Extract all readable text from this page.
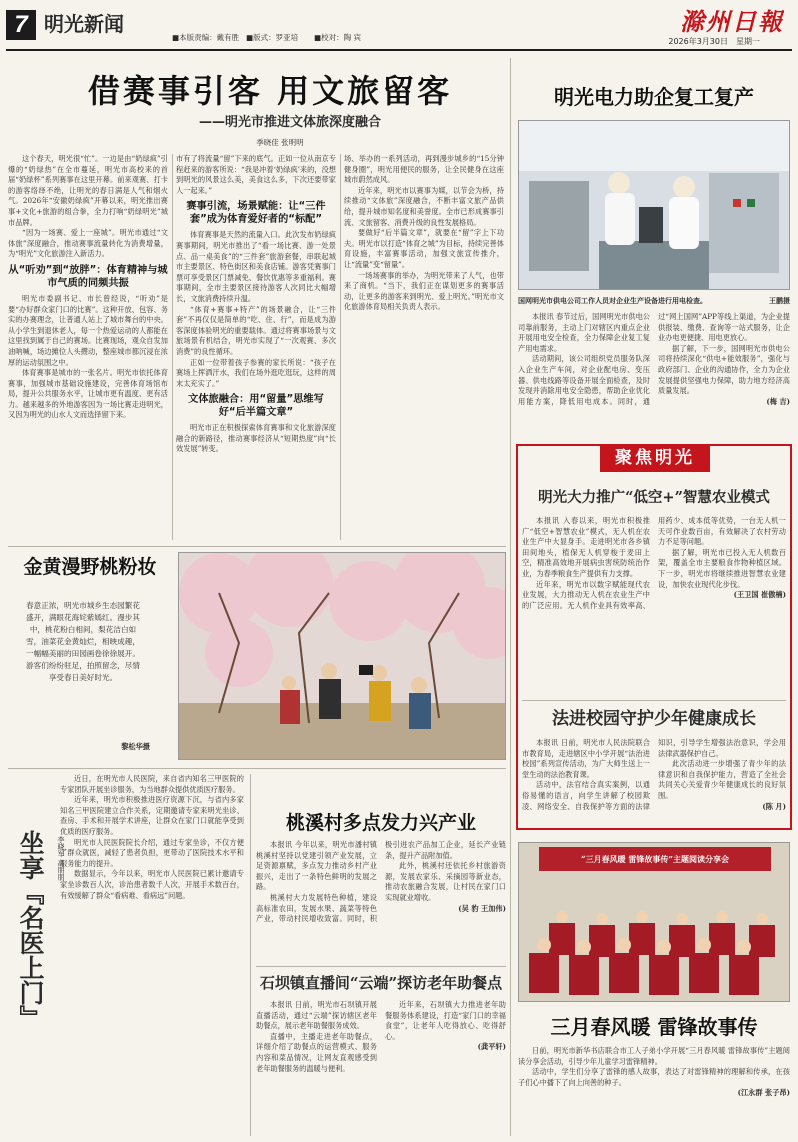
7 明光新闻
■本版责编：戴有胜 ■版式：罗亚培	■校对：陶 宾
滁州日報
2026年3月30日 星期一
借赛事引客 用文旅留客
——明光市推进文体旅深度融合
季晓佳 张明明

这个春天，明光很“忙”。一边是由“奶绿疯”引爆的“奶绿热”在全市蔓延，明光市高校来的首届“奶绿杯”系列赛事在这里开幕。前来观赛、打卡的游客络绎不绝，让明光的春日满是人气和烟火气。2026年“安徽奶绿疯”开幕以来，明光推出赛事+文化+旅游的组合拳，全力打响“奶绿明光”城市品牌。

“因为一场赛、爱上一座城”。明光市通过“文体旅”深度融合，推动赛事流量转化为消费增量，为“明光”文化旅游注入新活力。

从“听劝”到“放胖”：体育精神与城市气质的同频共振

明光市委副书记、市长曾经说，“听劝”是要“办好群众家门口的比赛”。这种开放、包容、务实的办赛理念，让普通人站上了城市舞台的中央。从小学生到退休老人，每一个热爱运动的人都能在这里找到属于自己的赛场。比赛现场，观众自发加油呐喊，场边摊位人头攒动，整座城市都沉浸在浓厚的运动氛围之中。

体育赛事是城市的一张名片。明光市依托体育赛事，加强城市基础设施建设，完善体育场馆布局，提升公共服务水平，让城市更有温度、更有活力。越来越多的外地游客因为一场比赛走进明光，又因为明光的山水人文而选择留下来。

市有了将流量“留”下来的底气。正如一位从南京专程赶来的游客所说：“我是冲着‘奶绿疯’来的，没想到明光的风景这么美，美食这么多，下次还要带家人一起来。”

赛事引流，场景赋能：让“三件套”成为体育爱好者的“标配”

体育赛事是天然的流量入口。此次发布奶绿疯赛事期间，明光市推出了“看一场比赛、游一处景点、品一桌美食”的“三件套”旅游套餐，串联起城市主要景区、特色街区和美食店铺。游客凭赛事门票可享受景区门票减免、餐饮优惠等多重福利。赛事期间，全市主要景区接待游客人次同比大幅增长，文旅消费持续升温。

“体育+赛事+特产”的场景融合，让“三件套”不再仅仅是简单的“吃、住、行”，而是成为游客深度体验明光的重要载体。通过将赛事场景与文旅场景有机结合，明光市实现了“一次观赛、多次消费”的良性循环。

正如一位带着孩子参赛的家长所说：“孩子在赛场上挥洒汗水，我们在场外逛吃逛玩，这样的周末太充实了。”

文体旅融合：用“留量”思维写好“后半篇文章”

明光市正在积极探索体育赛事和文化旅游深度融合的新路径，推动赛事经济从“短期热度”向“长效发展”转变。

场、举办的一系列活动，再到漫步城乡的“15分钟健身圈”，明光用便民的服务，让全民健身在这座城市蔚然成风。

近年来，明光市以赛事为媒，以节会为桥，持续推动“文体旅”深度融合，不断丰富文旅产品供给，提升城市知名度和美誉度。全市已形成赛事引流、文旅留客、消费升级的良性发展格局。

要做好“后半篇文章”，就要在“留”字上下功夫。明光市以打造“体育之城”为目标，持续完善体育设施，丰富赛事活动，加强文旅宣传推介，让“流量”变“留量”。

一场场赛事的举办，为明光带来了人气，也带来了商机。“当下，我们正在谋划更多的赛事活动，让更多的游客来到明光、爱上明光。”明光市文化旅游体育局相关负责人表示。

明光电力助企复工复产
国网明光市供电公司工作人员对企业生产设备进行用电检查。	王鹏摄

本报讯 春节过后，国网明光市供电公司靠前服务，主动上门对辖区内重点企业开展用电安全检查，全力保障企业复工复产用电需求。

活动期间，该公司组织党员服务队深入企业生产车间，对企业配电房、变压器、供电线路等设备开展全面检查，及时发现并消除用电安全隐患，帮助企业优化用能方案，降低用电成本。同时，通过“网上国网”APP等线上渠道，为企业提供报装、缴费、查询等一站式服务，让企业办电更便捷、用电更放心。

据了解，下一步，国网明光市供电公司将持续深化“供电+能效服务”，强化与政府部门、企业的沟通协作，全力为企业发展提供坚强电力保障，助力地方经济高质量发展。

(梅 吉)

聚焦明光
明光大力推广“低空+”智慧农业模式

本报讯 入春以来，明光市积极推广“低空+智慧农业”模式，无人机在农业生产中大显身手。走进明光市各乡镇田间地头，植保无人机穿梭于麦田上空，精准高效地开展病虫害统防统治作业，为春季粮食生产提供有力支撑。

近年来，明光市以数字赋能现代农业发展，大力推动无人机在农业生产中的广泛应用。无人机作业具有效率高、用药少、成本低等优势，一台无人机一天可作业数百亩，有效解决了农村劳动力不足等问题。

据了解，明光市已投入无人机数百架，覆盖全市主要粮食作物种植区域。下一步，明光市将继续推进智慧农业建设，加快农业现代化步伐。

(王卫国 崔傲楠)

法进校园守护少年健康成长

本报讯 日前，明光市人民法院联合市教育局，走进辖区中小学开展“法治进校园”系列宣传活动，为广大师生送上一堂生动的法治教育课。

活动中，法官结合真实案例，以通俗易懂的语言，向学生讲解了校园欺凌、网络安全、自我保护等方面的法律知识，引导学生增强法治意识，学会用法律武器保护自己。

此次活动进一步增强了青少年的法律意识和自我保护能力，营造了全社会共同关心关爱青少年健康成长的良好氛围。

(陈 月)

金黄漫野桃粉妆
春意正浓，明光市城乡生态园繁花盛开，满眼花海姹紫嫣红。漫步其中，桃花粉白相间，梨花洁白如雪，油菜花金黄灿烂，相映成趣，一幅幅美丽的田园画卷徐徐展开。游客们纷纷驻足，拍照留念，尽情享受春日美好时光。
黎松华摄
坐享『名医上门』	李晓军 高朋朋

近日，在明光市人民医院，来自省内知名三甲医院的专家团队开展坐诊服务，为当地群众提供优质医疗服务。

近年来，明光市积极推进医疗资源下沉，与省内多家知名三甲医院建立合作关系，定期邀请专家来明光坐诊、查房、手术和开展学术讲座，让群众在家门口就能享受到优质的医疗服务。

明光市人民医院院长介绍，通过专家坐诊，不仅方便了群众就医，减轻了患者负担，更带动了医院技术水平和服务能力的提升。

数据显示，今年以来，明光市人民医院已累计邀请专家坐诊数百人次，诊治患者数千人次，开展手术数百台，有效缓解了群众“看病难、看病远”问题。

桃溪村多点发力兴产业

本报讯 今年以来，明光市潘村镇桃溪村坚持以党建引领产业发展，立足资源禀赋，多点发力推动乡村产业振兴，走出了一条特色鲜明的发展之路。

桃溪村大力发展特色种植，建设高标准农田，发展水果、蔬菜等特色产业，带动村民增收致富。同时，积极引进农产品加工企业，延长产业链条，提升产品附加值。

此外，桃溪村还依托乡村旅游资源，发展农家乐、采摘园等新业态，推动农旅融合发展，让村民在家门口实现就业增收。

(吴 豹 王加伟)

石坝镇直播间“云端”探访老年助餐点

本报讯 日前，明光市石坝镇开展直播活动，通过“云端”探访辖区老年助餐点，展示老年助餐服务成效。

直播中，主播走进老年助餐点，详细介绍了助餐点的运营模式、服务内容和菜品情况，让网友直观感受到老年助餐服务的温暖与便利。

近年来，石坝镇大力推进老年助餐服务体系建设，打造“家门口的幸福食堂”，让老年人吃得放心、吃得舒心。

(龚平轩)

“三月春风暖 雷锋故事传”主题阅读分享会
三月春风暖 雷锋故事传

日前，明光市新华书店联合市工人子弟小学开展“三月春风暖 雷锋故事传”主题阅读分享会活动，引导少年儿童学习雷锋精神。

活动中，学生们分享了雷锋的感人故事，表达了对雷锋精神的理解和传承，在孩子们心中播下了向上向善的种子。

(江永群 张子昂)
